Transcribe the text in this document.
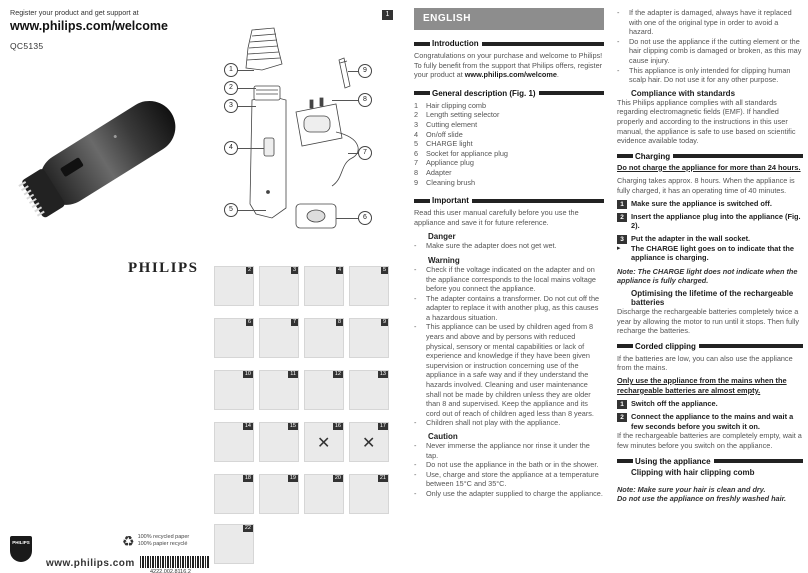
Register your product and get support at
www.philips.com/welcome
QC5135
PHILIPS
PHILIPS	♻ 100% recycled paper
100% papier recyclé
www.philips.com
4222.002.8116.2
1
1
2
3
4
5
6
7
8
9
2	3	4	5
6	7	8	9
10	11	12	13
14	15	16
✕
17
✕
18	19	20	21
22
ENGLISH
Introduction

Congratulations on your purchase and welcome to Philips! To fully benefit from the support that Philips offers, register your product at www.philips.com/welcome.

General description (Fig. 1)
1	Hair clipping comb
2	Length setting selector
3	Cutting element
4	On/off slide
5	CHARGE light
6	Socket for appliance plug
7	Appliance plug
8	Adapter
9	Cleaning brush
Important

Read this user manual carefully before you use the appliance and save it for future reference.

Danger
-	Make sure the adapter does not get wet.
Warning
-	Check if the voltage indicated on the adapter and on the appliance corresponds to the local mains voltage before you connect the appliance.
-	The adapter contains a transformer. Do not cut off the adapter to replace it with another plug, as this causes a hazardous situation.
-	This appliance can be used by children aged from 8 years and above and by persons with reduced physical, sensory or mental capabilities or lack of experience and knowledge if they have been given supervision or instruction concerning use of the appliance in a safe way and if they understand the hazards involved. Cleaning and user maintenance shall not be made by children unless they are older than 8 and supervised. Keep the appliance and its cord out of reach of children aged less than 8 years.
-	Children shall not play with the appliance.
Caution
-	Never immerse the appliance nor rinse it under the tap.
-	Do not use the appliance in the bath or in the shower.
-	Use, charge and store the appliance at a temperature between 15°C and 35°C.
-	Only use the adapter supplied to charge the appliance.
-	If the adapter is damaged, always have it replaced with one of the original type in order to avoid a hazard.
-	Do not use the appliance if the cutting element or the hair clipping comb is damaged or broken, as this may cause injury.
-	This appliance is only intended for clipping human scalp hair. Do not use it for any other purpose.
Compliance with standards

This Philips appliance complies with all standards regarding electromagnetic fields (EMF). If handled properly and according to the instructions in this user manual, the appliance is safe to use based on scientific evidence available today.

Charging
Do not charge the appliance for more than 24 hours.

Charging takes approx. 8 hours. When the appliance is fully charged, it has an operating time of 40 minutes.

1 Make sure the appliance is switched off.
2 Insert the appliance plug into the appliance (Fig. 2).
3 Put the adapter in the wall socket.
▸	The CHARGE light goes on to indicate that the appliance is charging.

Note: The CHARGE light does not indicate when the appliance is fully charged.

Optimising the lifetime of the rechargeable batteries

Discharge the rechargeable batteries completely twice a year by allowing the motor to run until it stops. Then fully recharge the batteries.

Corded clipping

If the batteries are low, you can also use the appliance from the mains.

Only use the appliance from the mains when the rechargeable batteries are almost empty.
1 Switch off the appliance.
2 Connect the appliance to the mains and wait a few seconds before you switch it on.

If the rechargeable batteries are completely empty, wait a few minutes before you switch on the appliance.

Using the appliance
Clipping with hair clipping comb

Note: Make sure your hair is clean and dry.

Do not use the appliance on freshly washed hair.
